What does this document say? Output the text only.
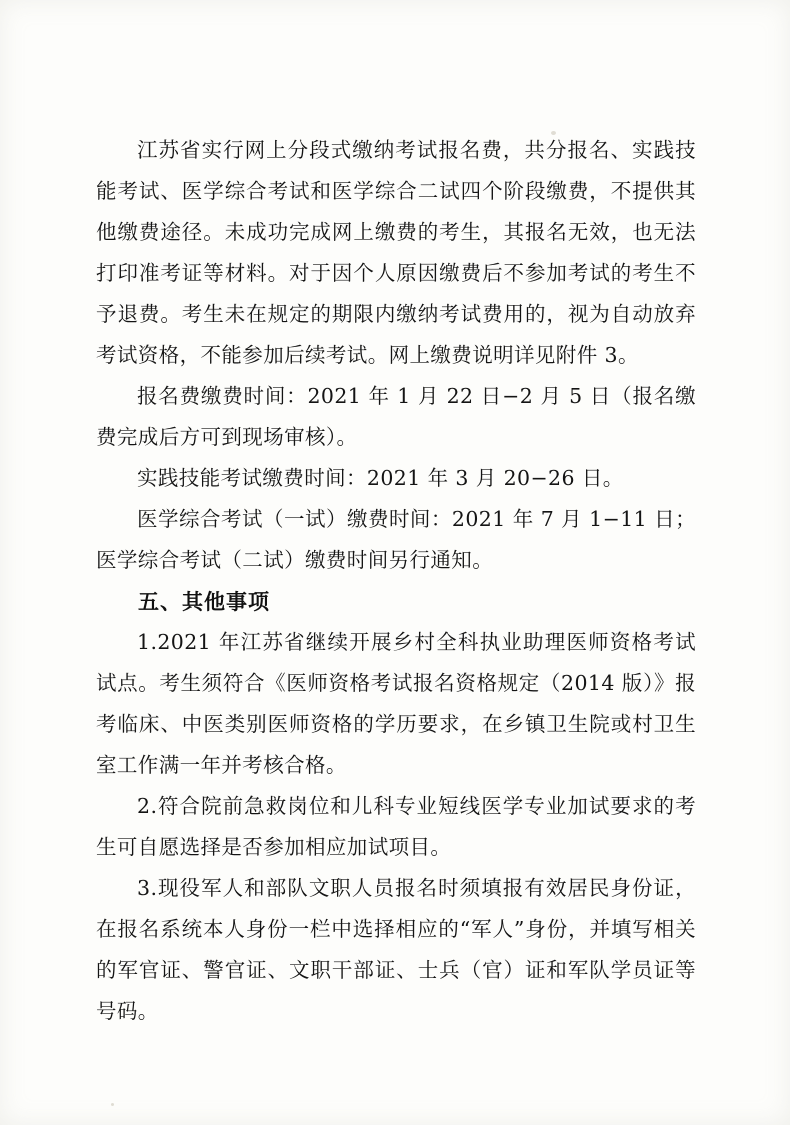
江苏省实行网上分段式缴纳考试报名费，共分报名、实践技能考试、医学综合考试和医学综合二试四个阶段缴费，不提供其他缴费途径。未成功完成网上缴费的考生，其报名无效，也无法打印准考证等材料。对于因个人原因缴费后不参加考试的考生不予退费。考生未在规定的期限内缴纳考试费用的，视为自动放弃考试资格，不能参加后续考试。网上缴费说明详见附件 3。

报名费缴费时间：2021 年 1 月 22 日−2 月 5 日（报名缴费完成后方可到现场审核）。

实践技能考试缴费时间：2021 年 3 月 20−26 日。

医学综合考试（一试）缴费时间：2021 年 7 月 1−11 日；医学综合考试（二试）缴费时间另行通知。

五、其他事项

1.2021 年江苏省继续开展乡村全科执业助理医师资格考试试点。考生须符合《医师资格考试报名资格规定（2014 版）》报考临床、中医类别医师资格的学历要求，在乡镇卫生院或村卫生室工作满一年并考核合格。

2.符合院前急救岗位和儿科专业短线医学专业加试要求的考生可自愿选择是否参加相应加试项目。

3.现役军人和部队文职人员报名时须填报有效居民身份证，在报名系统本人身份一栏中选择相应的“军人”身份，并填写相关的军官证、警官证、文职干部证、士兵（官）证和军队学员证等号码。
